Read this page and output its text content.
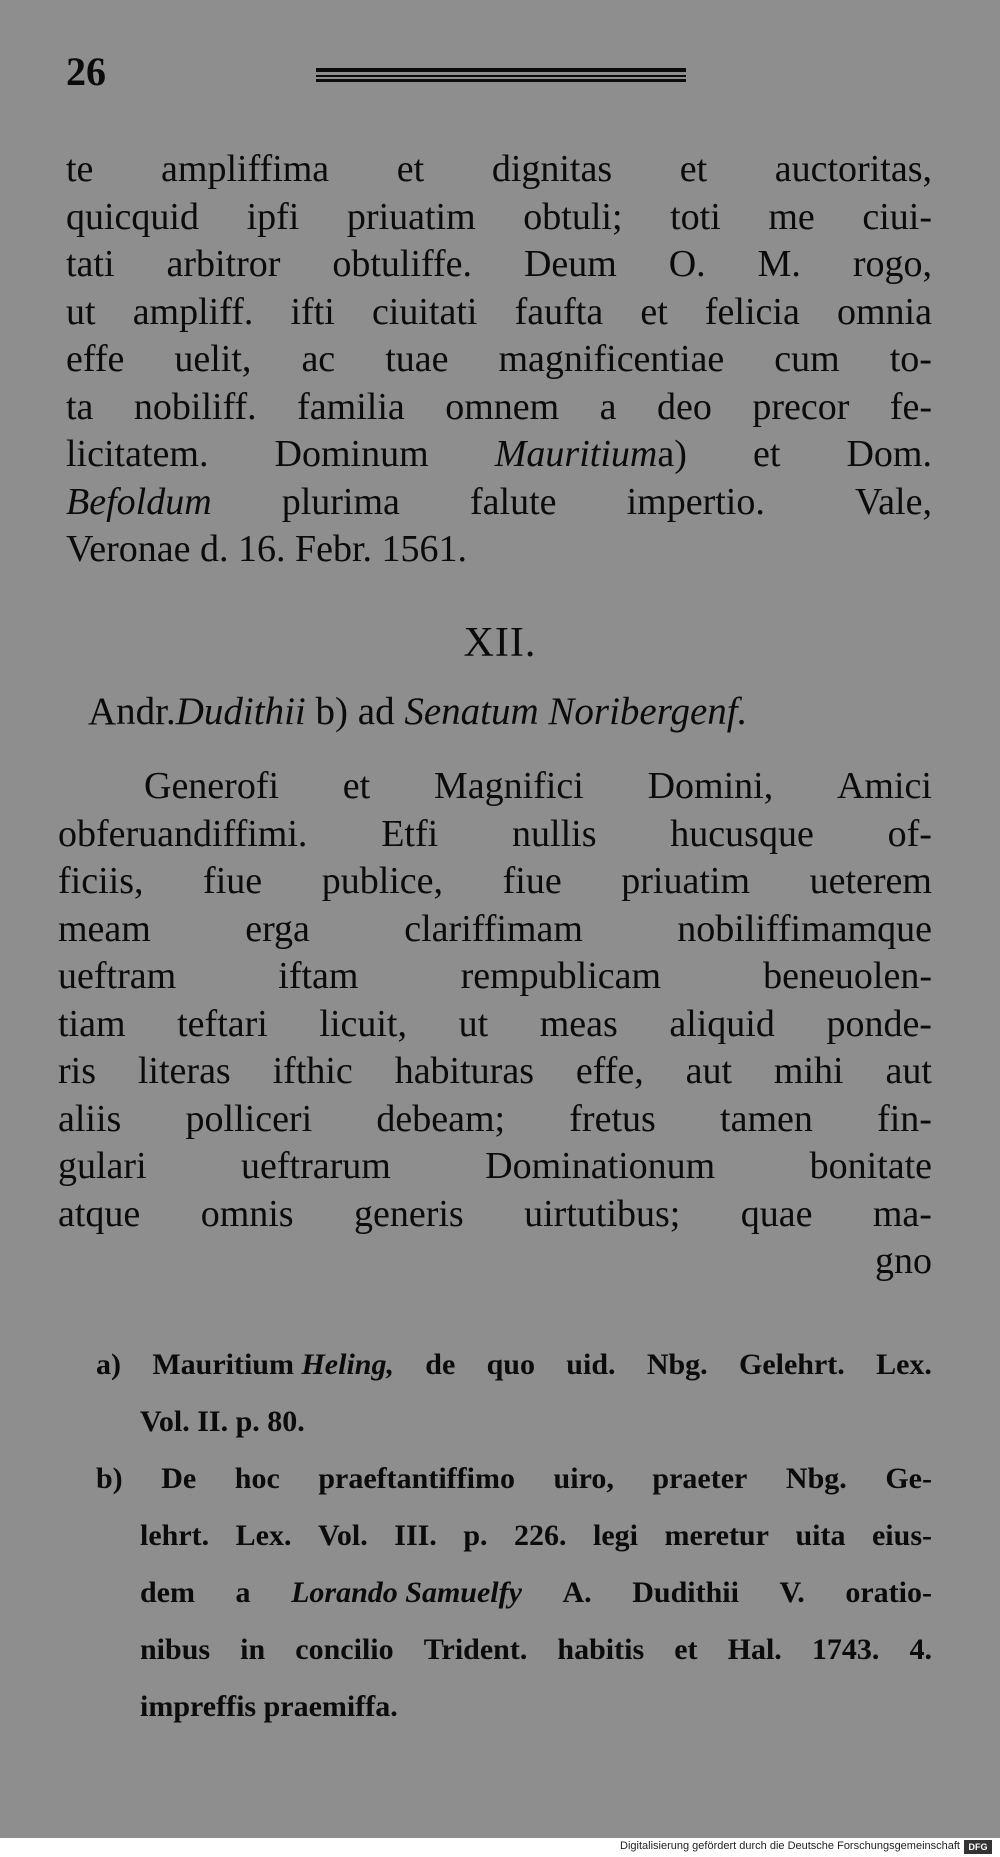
26
te ampliffima et dignitas et auctoritas,
quicquid ipfi priuatim obtuli; toti me ciui-
tati arbitror obtuliffe. Deum O. M. rogo,
ut ampliff. ifti ciuitati faufta et felicia omnia
effe uelit, ac tuae magnificentiae cum to-
ta nobiliff. familia omnem a deo precor fe-
licitatem. Dominum Mauritiuma) et Dom.
Befoldum plurima falute impertio. Vale,
Veronae d. 16. Febr. 1561.
XII.
Andr.Dudithii b) ad Senatum Noribergenf.
Generofi et Magnifici Domini, Amici
obferuandiffimi. Etfi nullis hucusque of-
ficiis, fiue publice, fiue priuatim ueterem
meam erga clariffimam nobiliffimamque
ueftram	iftam	rempublicam	beneuolen-
tiam teftari licuit, ut meas aliquid ponde-
ris literas ifthic habituras effe, aut mihi aut
aliis polliceri debeam; fretus tamen fin-
gulari ueftrarum Dominationum bonitate
atque omnis generis uirtutibus; quae ma-
gno
a) Mauritium Heling, de quo uid. Nbg. Gelehrt. Lex.
Vol. II. p. 80.
b) De hoc praeftantiffimo uiro, praeter Nbg. Ge-
lehrt. Lex. Vol. III. p. 226. legi meretur uita eius-
dem a Lorando Samuelfy A. Dudithii V. oratio-
nibus in concilio Trident. habitis et Hal. 1743. 4.
impreffis praemiffa.
Digitalisierung gefördert durch die Deutsche Forschungsgemeinschaft DFG
